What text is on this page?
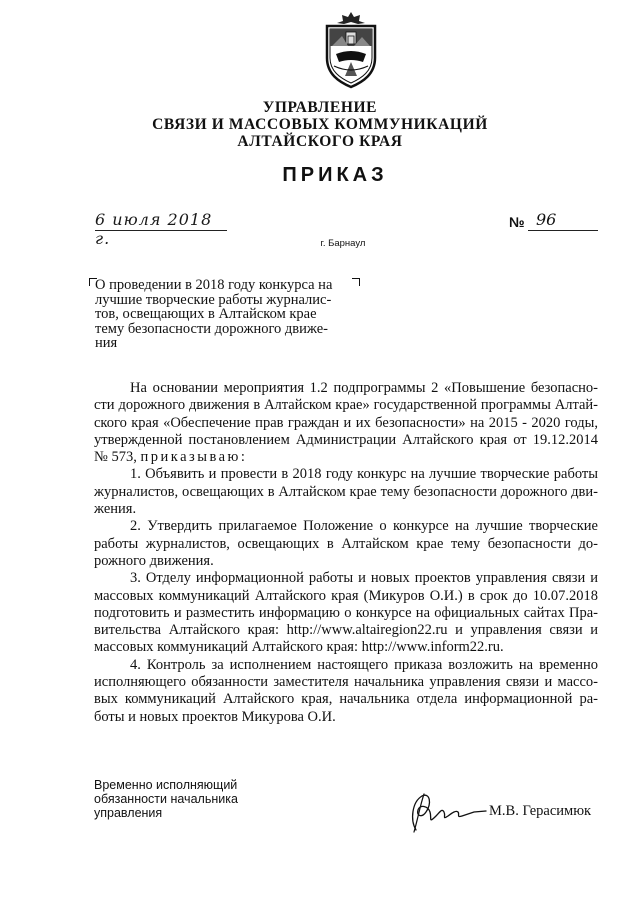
УПРАВЛЕНИЕ
СВЯЗИ И МАССОВЫХ КОММУНИКАЦИЙ
АЛТАЙСКОГО КРАЯ
ПРИКАЗ
6 июля 2018 г.
№ 96
г. Барнаул
О проведении в 2018 году конкурса на
лучшие творческие работы журналис-
тов, освещающих в Алтайском крае
тему безопасности дорожного движе-
ния
На основании мероприятия 1.2 подпрограммы 2 «Повышение безопасно-
сти дорожного движения в Алтайском крае» государственной программы Алтай-
ского края «Обеспечение прав граждан и их безопасности» на 2015 - 2020 годы,
утвержденной постановлением Администрации Алтайского края от 19.12.2014
№ 573, приказываю:
1. Объявить и провести в 2018 году конкурс на лучшие творческие работы
журналистов, освещающих в Алтайском крае тему безопасности дорожного дви-
жения.
2. Утвердить прилагаемое Положение о конкурсе на лучшие творческие
работы журналистов, освещающих в Алтайском крае тему безопасности до-
рожного движения.
3. Отделу информационной работы и новых проектов управления связи и
массовых коммуникаций Алтайского края (Микуров О.И.) в срок до 10.07.2018
подготовить и разместить информацию о конкурсе на официальных сайтах Пра-
вительства Алтайского края: http://www.altairegion22.ru и управления связи и
массовых коммуникаций Алтайского края: http://www.inform22.ru.
4. Контроль за исполнением настоящего приказа возложить на временно
исполняющего обязанности заместителя начальника управления связи и массо-
вых коммуникаций Алтайского края, начальника отдела информационной ра-
боты и новых проектов Микурова О.И.
Временно исполняющий
обязанности начальника
управления	М.В. Герасимюк
